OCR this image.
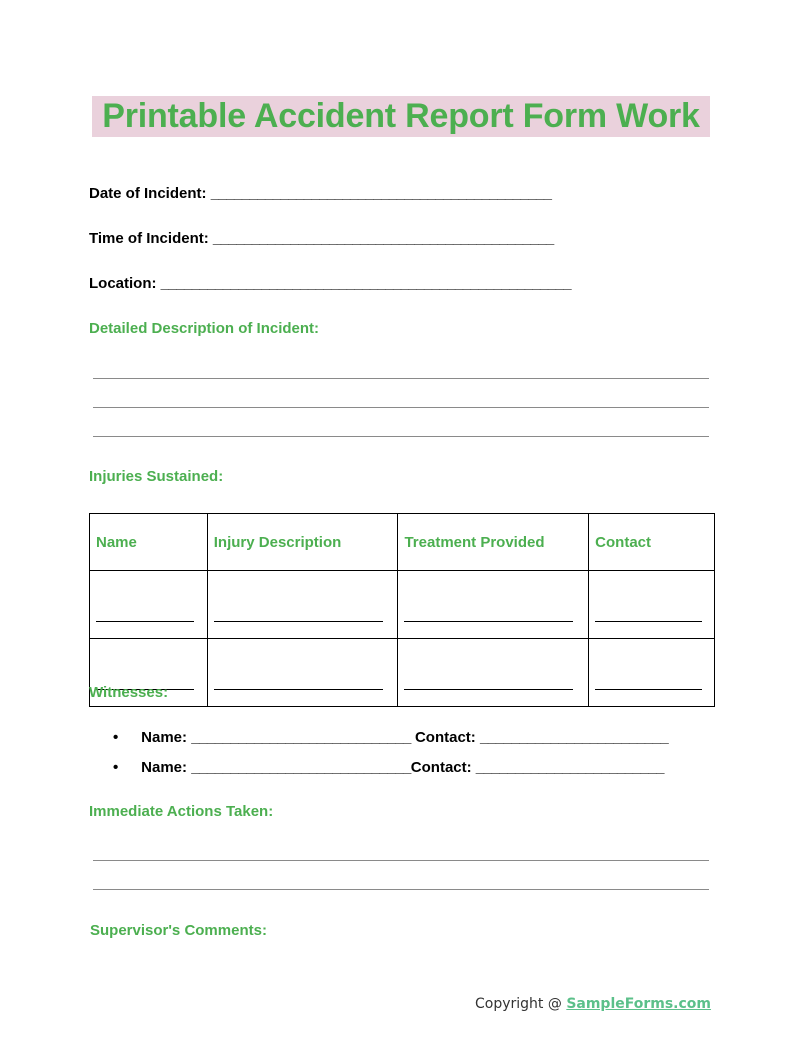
Printable Accident Report Form Work
Date of Incident: ____________________________________________
Time of Incident: ____________________________________________
Location: _____________________________________________________
Detailed Description of Incident:
Injuries Sustained:
Name	Injury Description	Treatment Provided	Contact

Witnesses:
• Name: ____________________________ Contact: ________________________
• Name: ____________________________Contact: ________________________
Immediate Actions Taken:
Supervisor's Comments:
Copyright @ SampleForms.com
